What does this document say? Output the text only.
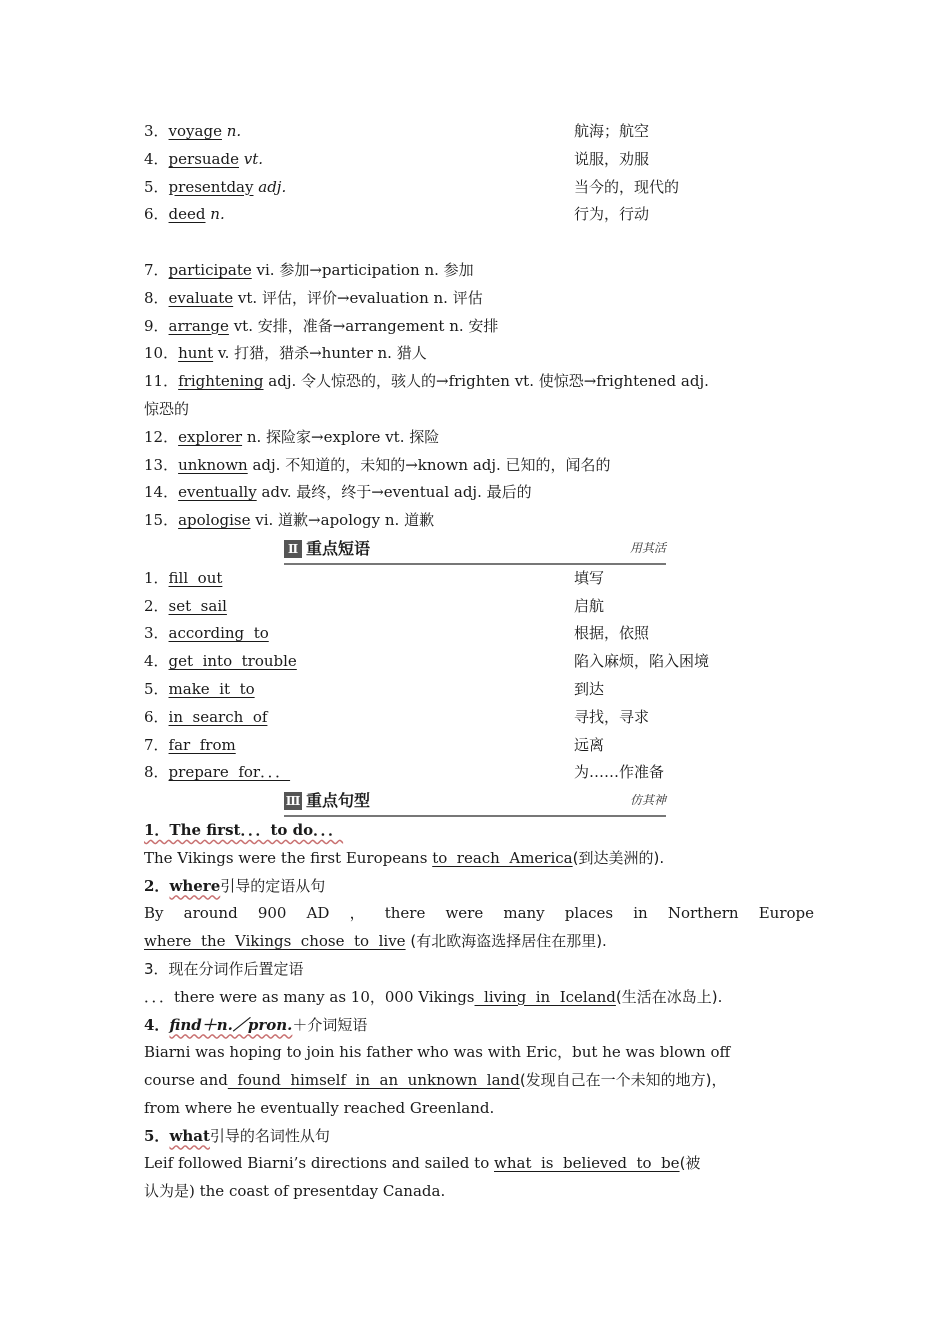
3．voyage n.	航海；航空
4．persuade vt.	说服，劝服
5．presentday adj.	当今的，现代的
6．deed n.	行为，行动
7．participate vi. 参加→participation n. 参加
8．evaluate vt. 评估，评价→evaluation n. 评估
9．arrange vt. 安排，准备→arrangement n. 安排
10．hunt v. 打猎，猎杀→hunter n. 猎人
11．frightening adj. 令人惊恐的，骇人的→frighten vt. 使惊恐→frightened adj.
惊恐的
12．explorer n. 探险家→explore vt. 探险
13．unknown adj. 不知道的，未知的→known adj. 已知的，闻名的
14．eventually adv. 最终，终于→eventual adj. 最后的
15．apologise vi. 道歉→apology n. 道歉
Ⅱ 重点短语	用其活
1．fill  out	填写
2．set  sail	启航
3．according  to	根据，依照
4．get  into  trouble	陷入麻烦，陷入困境
5．make  it  to	到达
6．in  search  of	寻找，寻求
7．far  from	远离
8．prepare  for．．．	为……作准备
Ⅲ 重点句型	仿其神
1．The first．．．to do．．．
The Vikings were the first Europeans to  reach  America(到达美洲的).
2．where引导的定语从句
By around 900 AD ， there were many places in Northern Europe
where  the  Vikings  chose  to  live (有北欧海盗选择居住在那里).
3．现在分词作后置定语
．．．there were as many as 10，000 Vikings  living  in  Iceland(生活在冰岛上).
4．find＋n.／pron.＋介词短语
Biarni was hoping to join his father who was with Eric，but he was blown off
course and  found  himself  in  an  unknown  land(发现自己在一个未知的地方)，
from where he eventually reached Greenland.
5．what引导的名词性从句
Leif followed Biarni’s directions and sailed to what  is  believed  to  be(被
认为是) the coast of presentday Canada.
